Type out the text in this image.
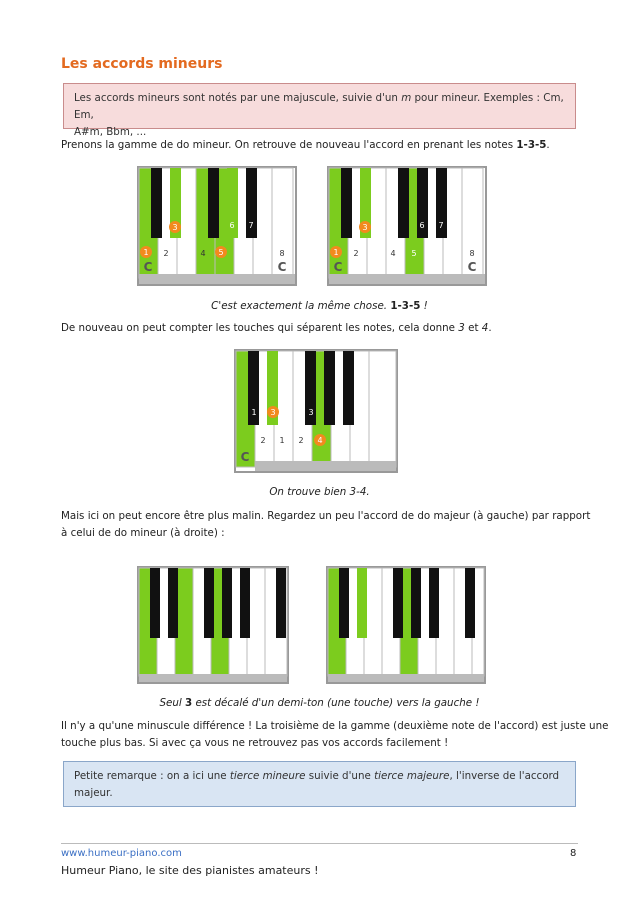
Les accords mineurs
Les accords mineurs sont notés par une majuscule, suivie d'un m pour mineur. Exemples : Cm, Em,
A#m, Bbm, ...
Prenons la gamme de do mineur. On retrouve de nouveau l'accord en prenant les notes 1-3-5.
1
3
5
2	4	8
6 7
C	C
1
3
2	4 5	8
6 7
C	C
C'est exactement la même chose. 1-3-5 !
De nouveau on peut compter les touches qui séparent les notes, cela donne 3 et 4.
1 3	3
2 1 2 4
C
On trouve bien 3-4.
Mais ici on peut encore être plus malin. Regardez un peu l'accord de do majeur (à gauche) par rapport
à celui de do mineur (à droite) :
Seul 3 est décalé d'un demi-ton (une touche) vers la gauche !
Il n'y a qu'une minuscule différence ! La troisième de la gamme (deuxième note de l'accord) est juste une
touche plus bas. Si avec ça vous ne retrouvez pas vos accords facilement !
Petite remarque : on a ici une tierce mineure suivie d'une tierce majeure, l'inverse de l'accord
majeur.
www.humeur-piano.com	8
Humeur Piano, le site des pianistes amateurs !
